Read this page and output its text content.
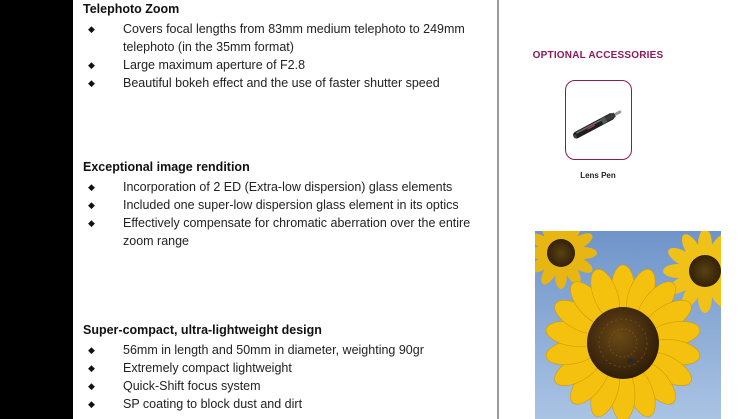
Telephoto Zoom
◆ Covers focal lengths from 83mm medium telephoto to 249mm telephoto (in the 35mm format)
◆ Large maximum aperture of F2.8
◆ Beautiful bokeh effect and the use of faster shutter speed
Exceptional image rendition
◆ Incorporation of 2 ED (Extra-low dispersion) glass elements
◆ Included one super-low dispersion glass element in its optics
◆ Effectively compensate for chromatic aberration over the entire zoom range
Super-compact, ultra-lightweight design
◆ 56mm in length and 50mm in diameter, weighting 90gr
◆ Extremely compact lightweight
◆ Quick-Shift focus system
◆ SP coating to block dust and dirt
OPTIONAL ACCESSORIES
Lens Pen
